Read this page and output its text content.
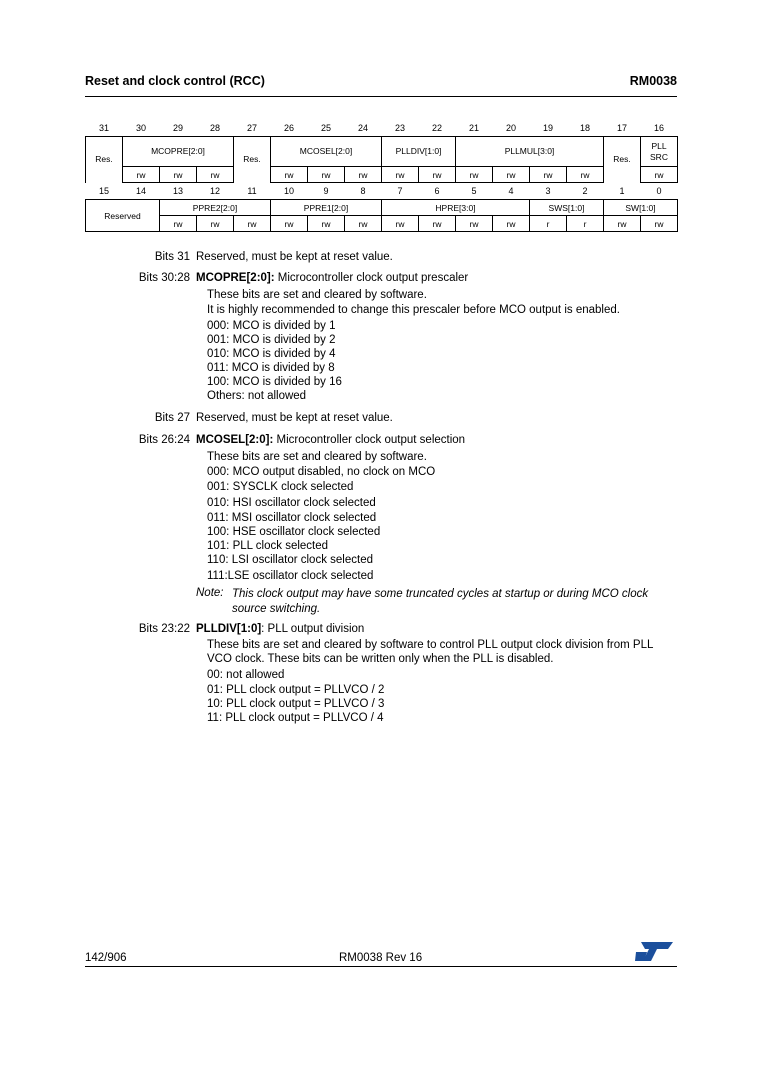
Reset and clock control (RCC)	RM0038
31	30	29	28	27	26	25	24	23	22	21	20	19	18	17	16
Res.	MCOPRE[2:0]			Res.	MCOSEL[2:0]			PLLDIV[1:0]		PLLMUL[3:0]				Res.	PLL
SRC
	rw	rw	rw		rw	rw	rw	rw	rw	rw	rw	rw	rw		rw
15	14	13	12	11	10	9	8	7	6	5	4	3	2	1	0
Reserved		PPRE2[2:0]			PPRE1[2:0]			HPRE[3:0]				SWS[1:0]		SW[1:0]	
		rw	rw	rw	rw	rw	rw	rw	rw	rw	rw	r	r	rw	rw
Bits 31 Reserved, must be kept at reset value.
Bits 30:28 MCOPRE[2:0]: Microcontroller clock output prescaler
These bits are set and cleared by software.
It is highly recommended to change this prescaler before MCO output is enabled.
000: MCO is divided by 1
001: MCO is divided by 2
010: MCO is divided by 4
011: MCO is divided by 8
100: MCO is divided by 16
Others: not allowed
Bits 27 Reserved, must be kept at reset value.
Bits 26:24 MCOSEL[2:0]: Microcontroller clock output selection
These bits are set and cleared by software.
000: MCO output disabled, no clock on MCO
001: SYSCLK clock selected
010: HSI oscillator clock selected
011: MSI oscillator clock selected
100: HSE oscillator clock selected
101: PLL clock selected
110: LSI oscillator clock selected
111:LSE oscillator clock selected
Note: This clock output may have some truncated cycles at startup or during MCO clock source switching.
Bits 23:22 PLLDIV[1:0]: PLL output division
These bits are set and cleared by software to control PLL output clock division from PLL
VCO clock. These bits can be written only when the PLL is disabled.
00: not allowed
01: PLL clock output = PLLVCO / 2
10: PLL clock output = PLLVCO / 3
11: PLL clock output = PLLVCO / 4
142/906	RM0038 Rev 16
